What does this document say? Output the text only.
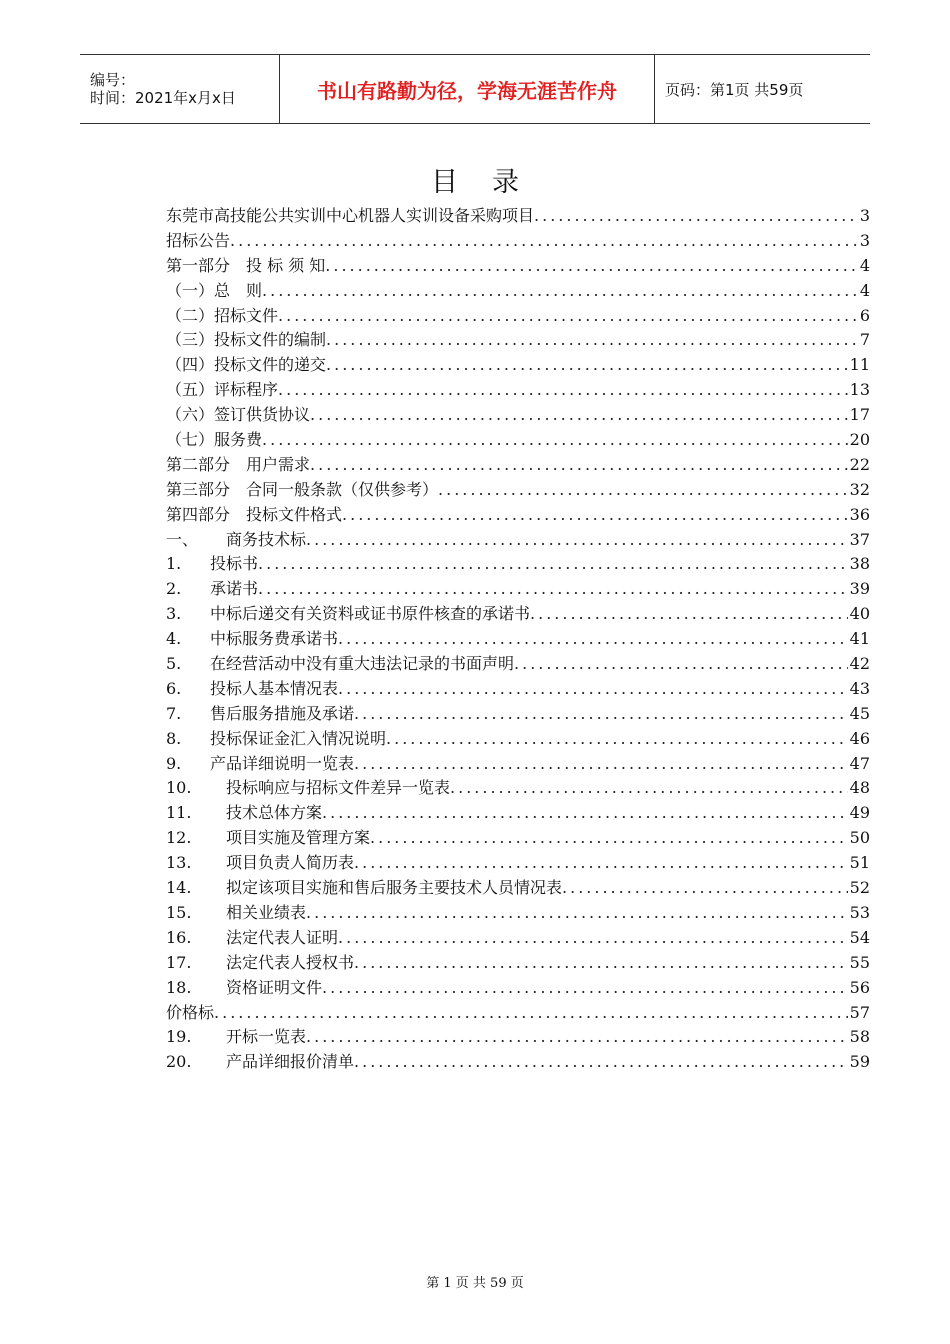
编号：
时间：2021年x月x日	书山有路勤为径，学海无涯苦作舟	页码：第1页 共59页
目录
东莞市高技能公共实训中心机器人实训设备采购项目 .....	3
招标公告 .....	3
第一部分　投 标 须 知 .....	4
（一）总　则 .....	4
（二）招标文件 .....	6
（三）投标文件的编制 .....	7
（四）投标文件的递交 .....	11
（五）评标程序 .....	13
（六）签订供货协议 .....	17
（七）服务费 .....	20
第二部分　用户需求 .....	22
第三部分　合同一般条款（仅供参考） .....	32
第四部分　投标文件格式 .....	36
一、	商务技术标 .....	37
1.	投标书 .....	38
2.	承诺书 .....	39
3.	中标后递交有关资料或证书原件核查的承诺书 .....	40
4.	中标服务费承诺书 .....	41
5.	在经营活动中没有重大违法记录的书面声明 .....	42
6.	投标人基本情况表 .....	43
7.	售后服务措施及承诺 .....	45
8.	投标保证金汇入情况说明 .....	46
9.	产品详细说明一览表 .....	47
10.	投标响应与招标文件差异一览表 .....	48
11.	技术总体方案 .....	49
12.	项目实施及管理方案 .....	50
13.	项目负责人简历表 .....	51
14.	拟定该项目实施和售后服务主要技术人员情况表 .....	52
15.	相关业绩表 .....	53
16.	法定代表人证明 .....	54
17.	法定代表人授权书 .....	55
18.	资格证明文件 .....	56
价格标 .....	57
19.	开标一览表 .....	58
20.	产品详细报价清单 .....	59
第 1 页 共 59 页
